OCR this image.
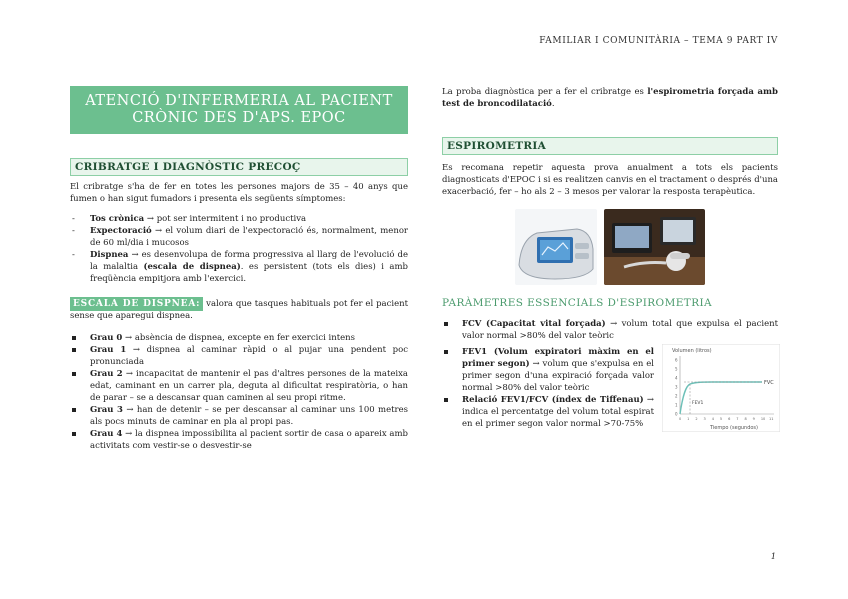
FAMILIAR I COMUNITÀRIA – TEMA 9 PART IV
ATENCIÓ D'INFERMERIA AL PACIENT
CRÒNIC DES D'APS. EPOC
CRIBRATGE I DIAGNÒSTIC PRECOÇ

El cribratge s'ha de fer en totes les persones majors de 35 – 40 anys que fumen o han sigut fumadors i presenta els següents símptomes:

- Tos crònica → pot ser intermitent i no productiva
- Expectoració → el volum diari de l'expectoració és, normalment, menor de 60 ml/dia i mucosos
- Dispnea → es desenvolupa de forma progressiva al llarg de l'evolució de la malaltia (escala de dispnea). es persistent (tots els dies) i amb freqüència empitjora amb l'exercici.

ESCALA DE DISPNEA: valora que tasques habituals pot fer el pacient sense que aparegui dispnea.

Grau 0 → absència de dispnea, excepte en fer exercici intens
Grau 1 → dispnea al caminar ràpid o al pujar una pendent poc pronunciada
Grau 2 → incapacitat de mantenir el pas d'altres persones de la mateixa edat, caminant en un carrer pla, deguta al dificultat respiratòria, o han de parar – se a descansar quan caminen al seu propi ritme.
Grau 3 → han de detenir – se per descansar al caminar uns 100 metres als pocs minuts de caminar en pla al propi pas.
Grau 4 → la dispnea impossibilita al pacient sortir de casa o apareix amb activitats com vestir-se o desvestir-se

La proba diagnòstica per a fer el cribratge es l'espirometria forçada amb test de broncodilatació.

ESPIROMETRIA

Es recomana repetir aquesta prova anualment a tots els pacients diagnosticats d'EPOC i si es realitzen canvis en el tractament o després d'una exacerbació, fer – ho als 2 – 3 mesos per valorar la resposta terapèutica.

PARÀMETRES ESSENCIALS D'ESPIROMETRIA
FCV (Capacitat vital forçada) → volum total que expulsa el pacient valor normal >80% del valor teòric
FEV1 (Volum expiratori màxim en el primer segon) → volum que s'expulsa en el primer segon d'una expiració forçada valor normal >80% del valor teòric
Relació FEV1/FCV (índex de Tiffenau) → indica el percentatge del volum total espirat en el primer segon valor normal >70-75%
Volumen (litros)
0
1
2
3
4
5
6
0 1 2 3 4 5 6 7 8 9 10 11
FVC
FEV1
Tiempo (segundos)
1
